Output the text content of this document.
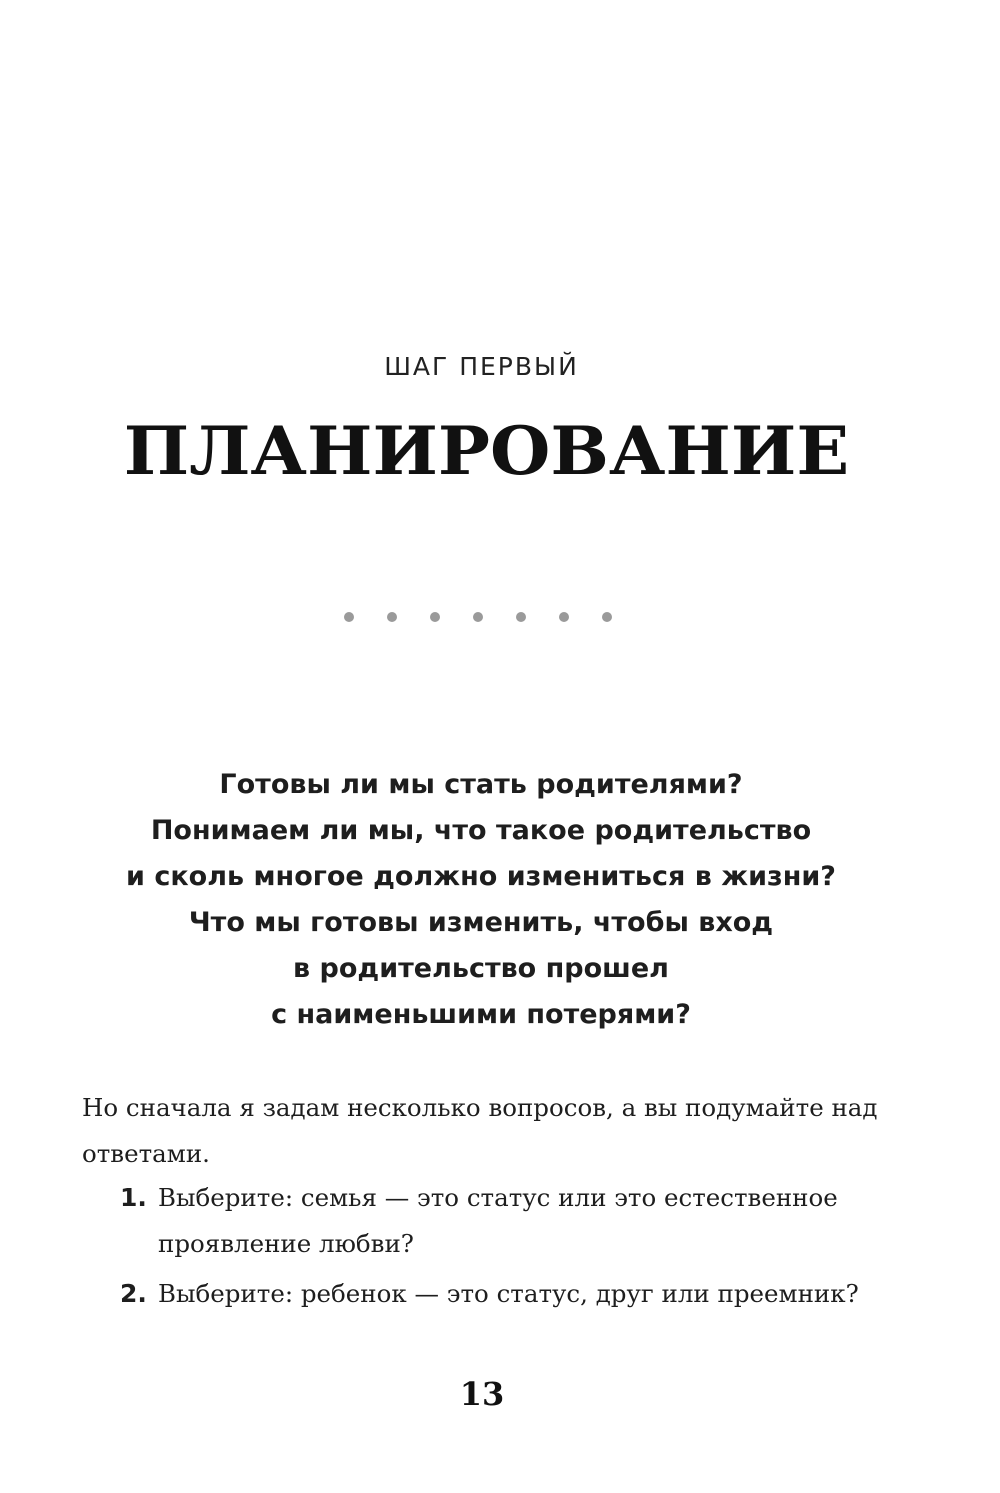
ШАГ ПЕРВЫЙ
ПЛАНИРОВАНИЕ
Готовы ли мы стать родителями?
Понимаем ли мы, что такое родительство
и сколь многое должно измениться в жизни?
Что мы готовы изменить, чтобы вход
в родительство прошел
с наименьшими потерями?
Но сначала я задам несколько вопросов, а вы подумайте над
ответами.
1. Выберите: семья — это статус или это естественное
проявление любви?
2. Выберите: ребенок — это статус, друг или преемник?
13
